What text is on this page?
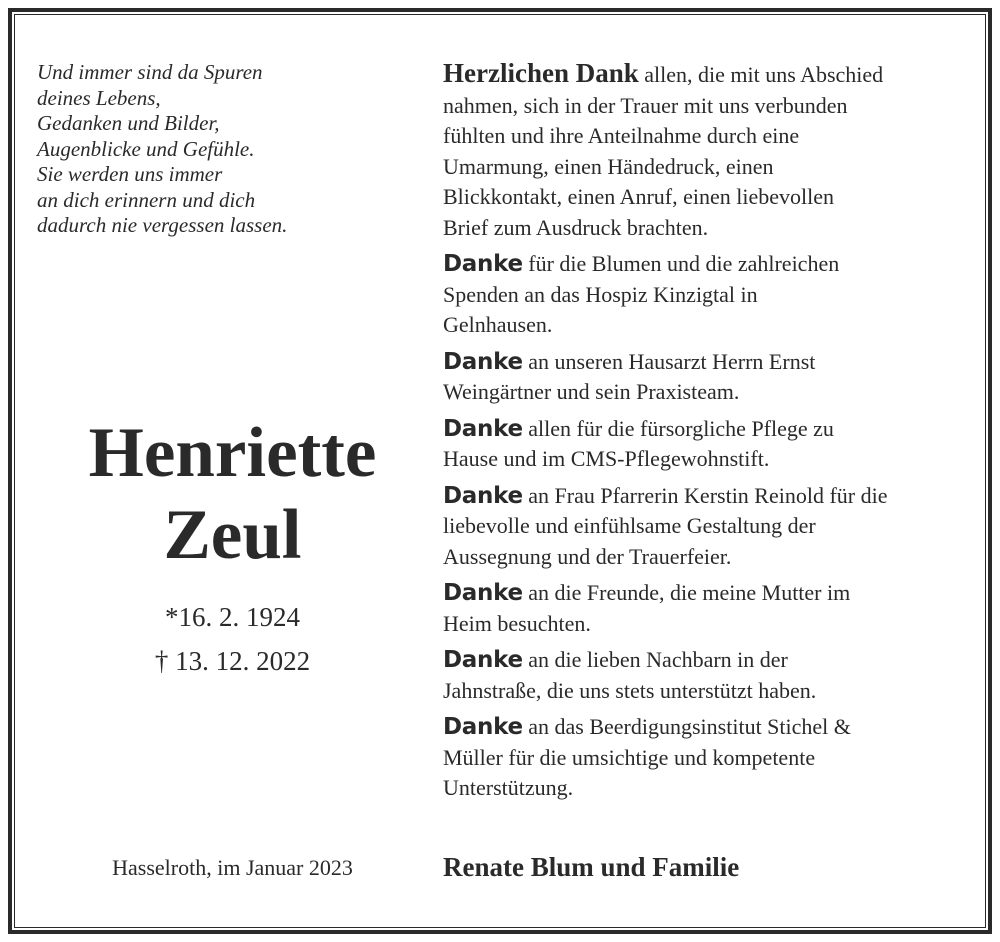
Und immer sind da Spuren
deines Lebens,
Gedanken und Bilder,
Augenblicke und Gefühle.
Sie werden uns immer
an dich erinnern und dich
dadurch nie vergessen lassen.
Henriette
Zeul
*16. 2. 1924
† 13. 12. 2022
Hasselroth, im Januar 2023
Herzlichen Dank allen, die mit uns Abschied
nahmen, sich in der Trauer mit uns verbunden
fühlten und ihre Anteilnahme durch eine
Umarmung, einen Händedruck, einen
Blickkontakt, einen Anruf, einen liebevollen
Brief zum Ausdruck brachten.
Danke für die Blumen und die zahlreichen
Spenden an das Hospiz Kinzigtal in
Gelnhausen.
Danke an unseren Hausarzt Herrn Ernst
Weingärtner und sein Praxisteam.
Danke allen für die fürsorgliche Pflege zu
Hause und im CMS-Pflegewohnstift.
Danke an Frau Pfarrerin Kerstin Reinold für die
liebevolle und einfühlsame Gestaltung der
Aussegnung und der Trauerfeier.
Danke an die Freunde, die meine Mutter im
Heim besuchten.
Danke an die lieben Nachbarn in der
Jahnstraße, die uns stets unterstützt haben.
Danke an das Beerdigungsinstitut Stichel &
Müller für die umsichtige und kompetente
Unterstützung.
Renate Blum und Familie
